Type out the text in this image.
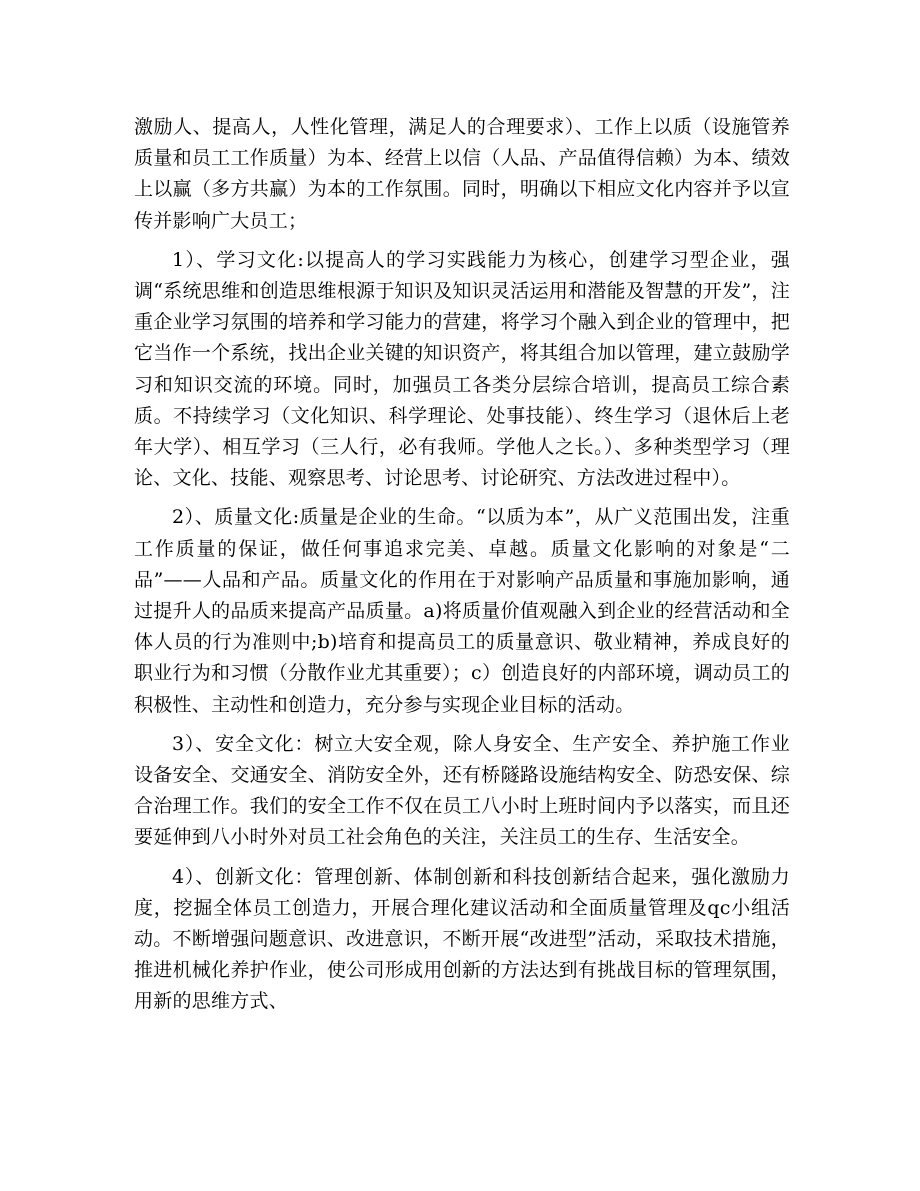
激励人、提高人，人性化管理，满足人的合理要求）、工作上以质（设施管养质量和员工工作质量）为本、经营上以信（人品、产品值得信赖）为本、绩效上以赢（多方共赢）为本的工作氛围。同时，明确以下相应文化内容并予以宣传并影响广大员工；

1）、学习文化:以提高人的学习实践能力为核心，创建学习型企业，强调“系统思维和创造思维根源于知识及知识灵活运用和潜能及智慧的开发”，注重企业学习氛围的培养和学习能力的营建，将学习个融入到企业的管理中，把它当作一个系统，找出企业关键的知识资产，将其组合加以管理，建立鼓励学习和知识交流的环境。同时，加强员工各类分层综合培训，提高员工综合素质。不持续学习（文化知识、科学理论、处事技能）、终生学习（退休后上老年大学）、相互学习（三人行，必有我师。学他人之长。）、多种类型学习（理论、文化、技能、观察思考、讨论思考、讨论研究、方法改进过程中）。

2）、质量文化:质量是企业的生命。“以质为本”，从广义范围出发，注重工作质量的保证，做任何事追求完美、卓越。质量文化影响的对象是“二品”——人品和产品。质量文化的作用在于对影响产品质量和事施加影响，通过提升人的品质来提高产品质量。a)将质量价值观融入到企业的经营活动和全体人员的行为准则中;b)培育和提高员工的质量意识、敬业精神，养成良好的职业行为和习惯（分散作业尤其重要）；c）创造良好的内部环境，调动员工的积极性、主动性和创造力，充分参与实现企业目标的活动。

3）、安全文化：树立大安全观，除人身安全、生产安全、养护施工作业设备安全、交通安全、消防安全外，还有桥隧路设施结构安全、防恐安保、综合治理工作。我们的安全工作不仅在员工八小时上班时间内予以落实，而且还要延伸到八小时外对员工社会角色的关注，关注员工的生存、生活安全。

4）、创新文化：管理创新、体制创新和科技创新结合起来，强化激励力度，挖掘全体员工创造力，开展合理化建议活动和全面质量管理及qc小组活动。不断增强问题意识、改进意识，不断开展“改进型”活动，采取技术措施，推进机械化养护作业，使公司形成用创新的方法达到有挑战目标的管理氛围，用新的思维方式、
